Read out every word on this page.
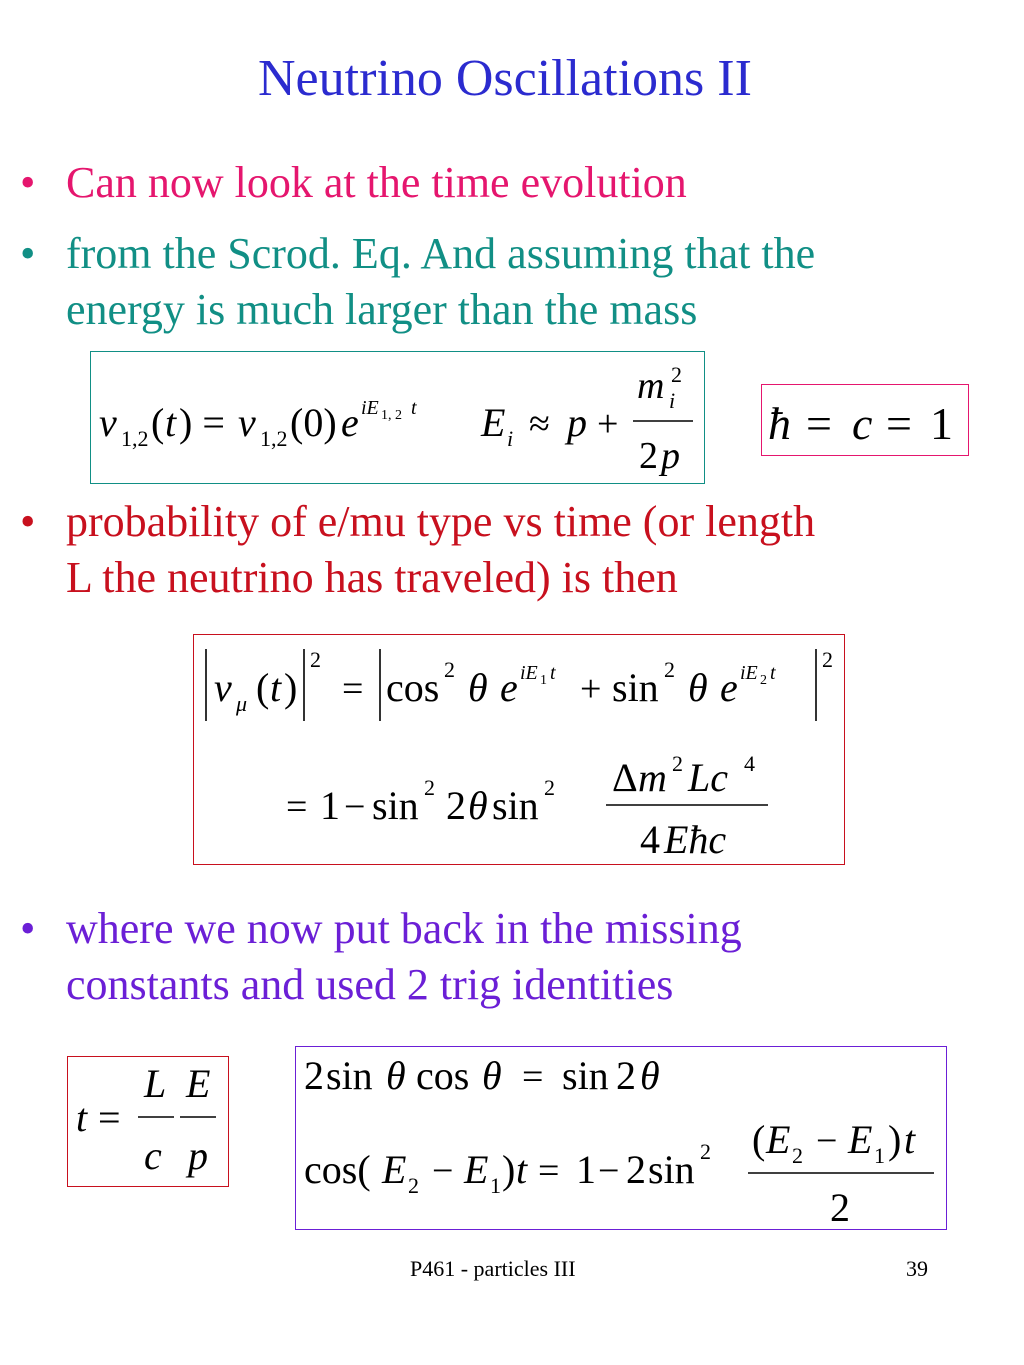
Neutrino Oscillations II
• Can now look at the time evolution
• from the Scrod. Eq. And assuming that the
energy is much larger than the mass
ν 1,2 ( t ) = ν 1,2 (0) e iE 1, 2 t E i ≈ p +
m 2
i
2 p
ħ = c = 1
• probability of e/mu type vs time (or length
L the neutrino has traveled) is then
ν μ ( t )
2
= cos 2 θ e iE 1 t + sin 2 θ e iE 2 t
2
= 1 − sin 2 2 θ sin 2 Δ m 2 Lc 4
4 Eħc
• where we now put back in the missing
constants and used 2 trig identities
t =
L
c
E
p
2 sin θ cos θ = sin 2 θ
cos( E 2 − E 1 ) t = 1 − 2 sin 2 ( E 2 − E 1 ) t
2
P461 - particles III	39
